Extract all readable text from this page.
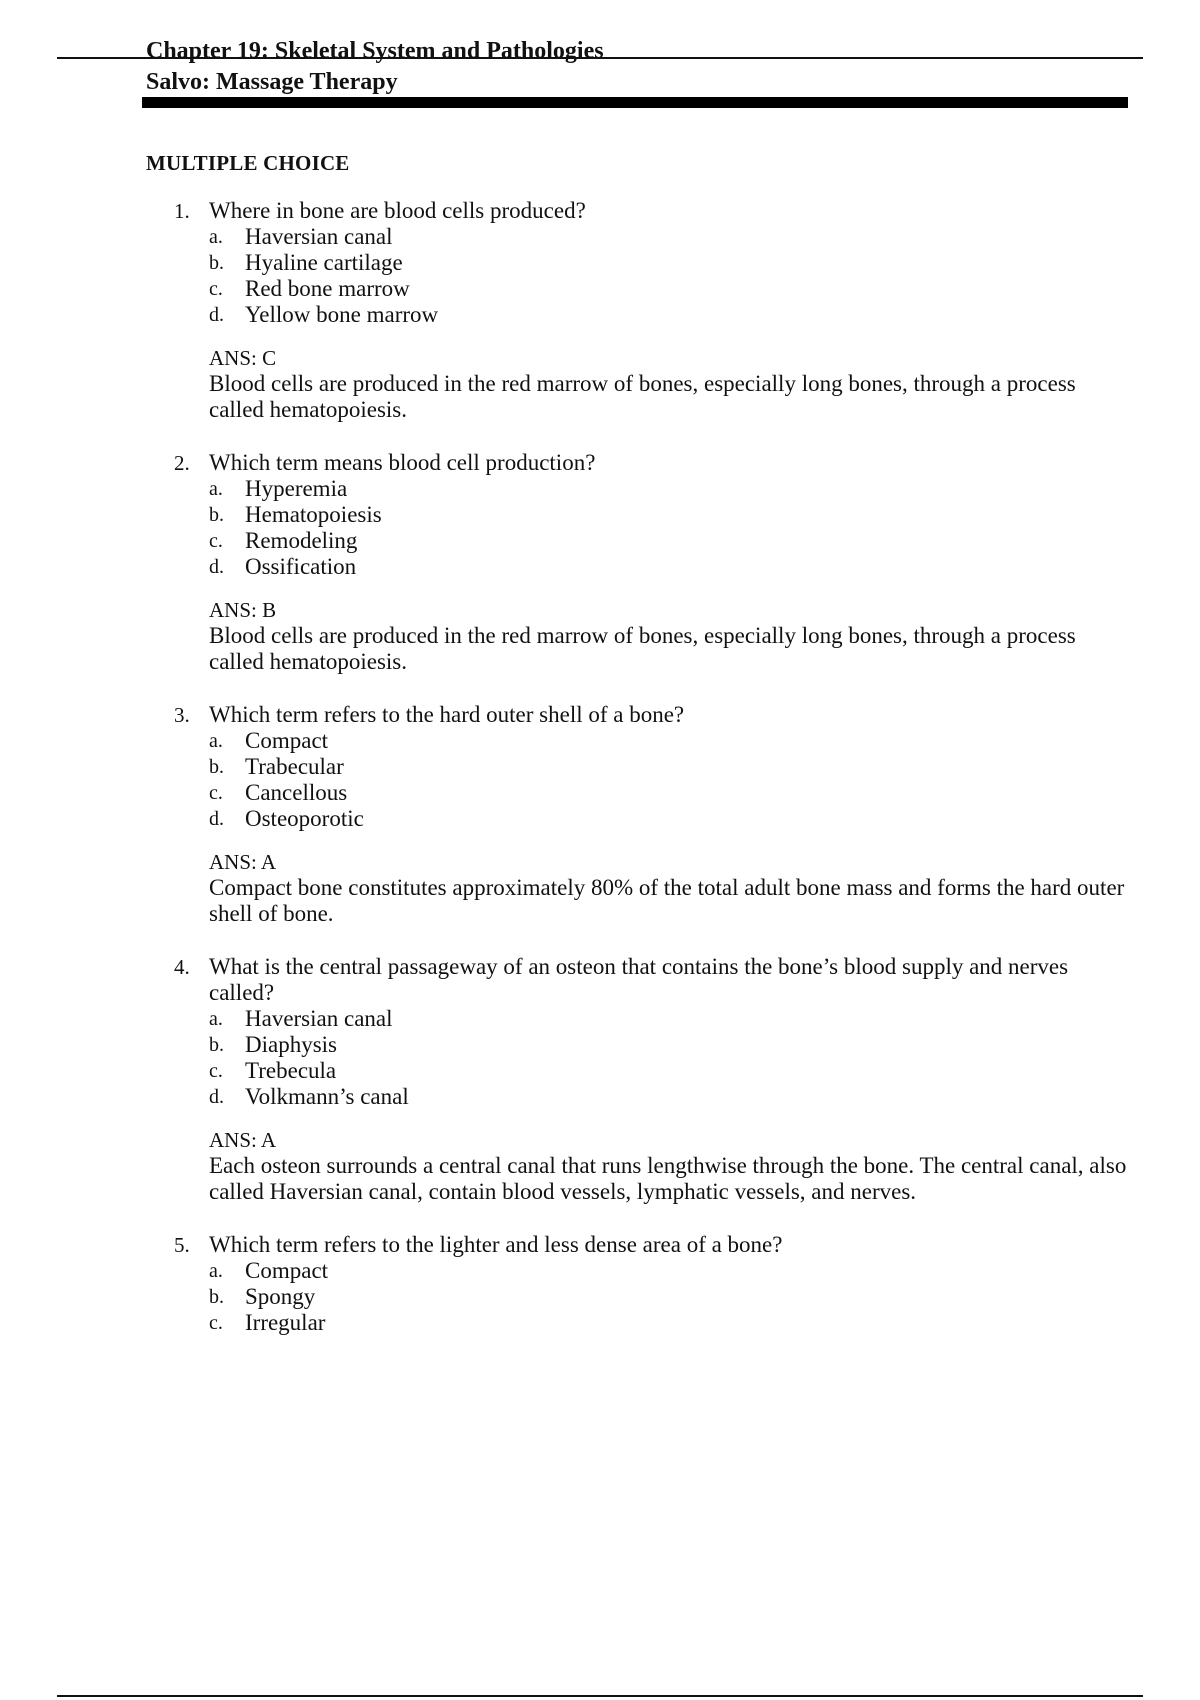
Chapter 19: Skeletal System and Pathologies
Salvo: Massage Therapy
MULTIPLE CHOICE
1. Where in bone are blood cells produced?
a. Haversian canal
b. Hyaline cartilage
c. Red bone marrow
d. Yellow bone marrow
ANS: C
Blood cells are produced in the red marrow of bones, especially long bones, through a process called hematopoiesis.
2. Which term means blood cell production?
a. Hyperemia
b. Hematopoiesis
c. Remodeling
d. Ossification
ANS: B
Blood cells are produced in the red marrow of bones, especially long bones, through a process called hematopoiesis.
3. Which term refers to the hard outer shell of a bone?
a. Compact
b. Trabecular
c. Cancellous
d. Osteoporotic
ANS: A
Compact bone constitutes approximately 80% of the total adult bone mass and forms the hard outer shell of bone.
4. What is the central passageway of an osteon that contains the bone’s blood supply and nerves called?
a. Haversian canal
b. Diaphysis
c. Trebecula
d. Volkmann’s canal
ANS: A
Each osteon surrounds a central canal that runs lengthwise through the bone. The central canal, also called Haversian canal, contain blood vessels, lymphatic vessels, and nerves.
5. Which term refers to the lighter and less dense area of a bone?
a. Compact
b. Spongy
c. Irregular
